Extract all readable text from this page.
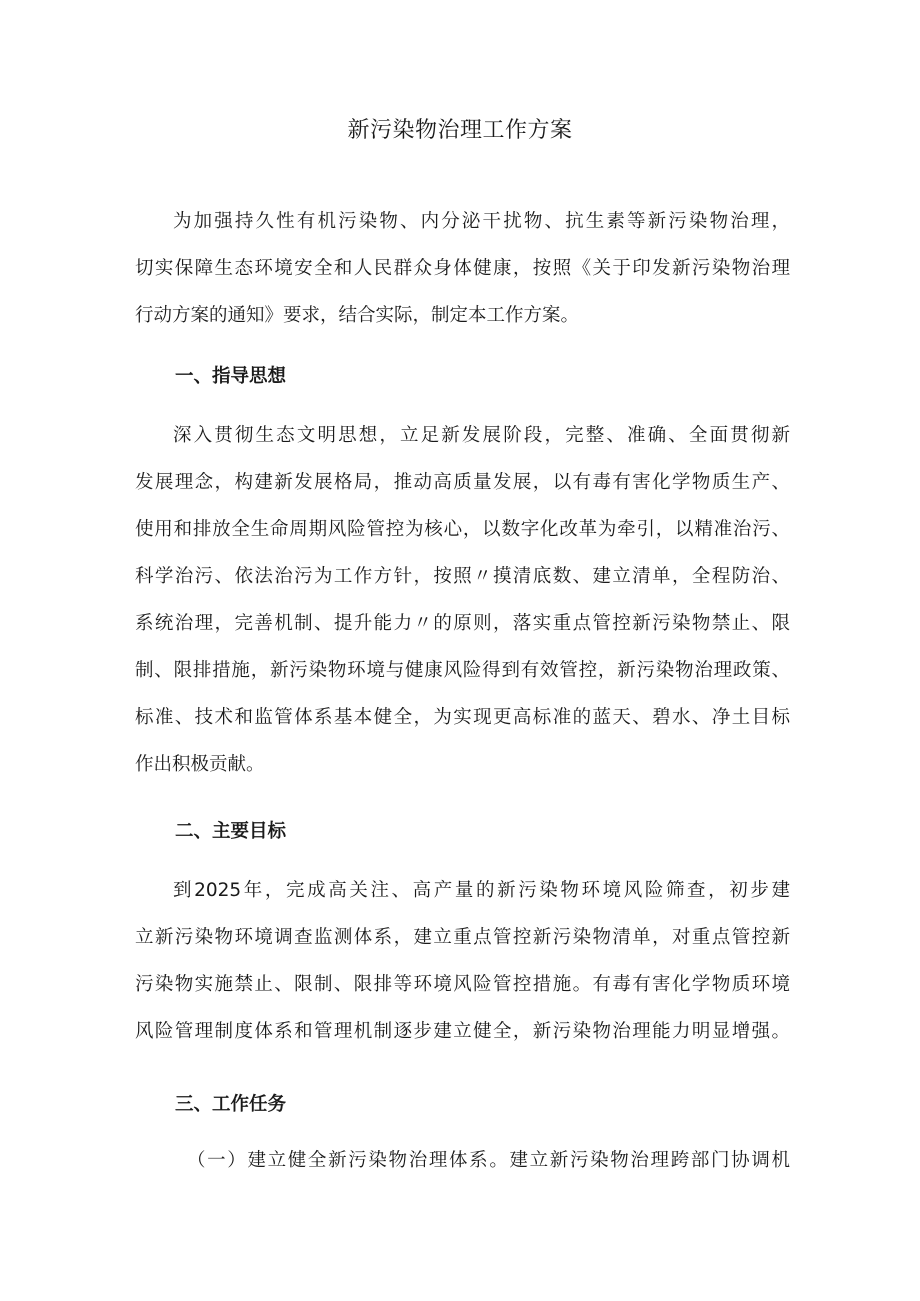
新污染物治理工作方案
为加强持久性有机污染物、内分泌干扰物、抗生素等新污染物治理，
切实保障生态环境安全和人民群众身体健康，按照《关于印发新污染物治理
行动方案的通知》要求，结合实际，制定本工作方案。
一、指导思想
深入贯彻生态文明思想，立足新发展阶段，完整、准确、全面贯彻新
发展理念，构建新发展格局，推动高质量发展，以有毒有害化学物质生产、
使用和排放全生命周期风险管控为核心，以数字化改革为牵引，以精准治污、
科学治污、依法治污为工作方针，按照〃摸清底数、建立清单，全程防治、
系统治理，完善机制、提升能力〃的原则，落实重点管控新污染物禁止、限
制、限排措施，新污染物环境与健康风险得到有效管控，新污染物治理政策、
标准、技术和监管体系基本健全，为实现更高标准的蓝天、碧水、净土目标
作出积极贡献。
二、主要目标
到2025年，完成高关注、高产量的新污染物环境风险筛查，初步建
立新污染物环境调查监测体系，建立重点管控新污染物清单，对重点管控新
污染物实施禁止、限制、限排等环境风险管控措施。有毒有害化学物质环境
风险管理制度体系和管理机制逐步建立健全，新污染物治理能力明显增强。
三、工作任务
（一）建立健全新污染物治理体系。建立新污染物治理跨部门协调机
